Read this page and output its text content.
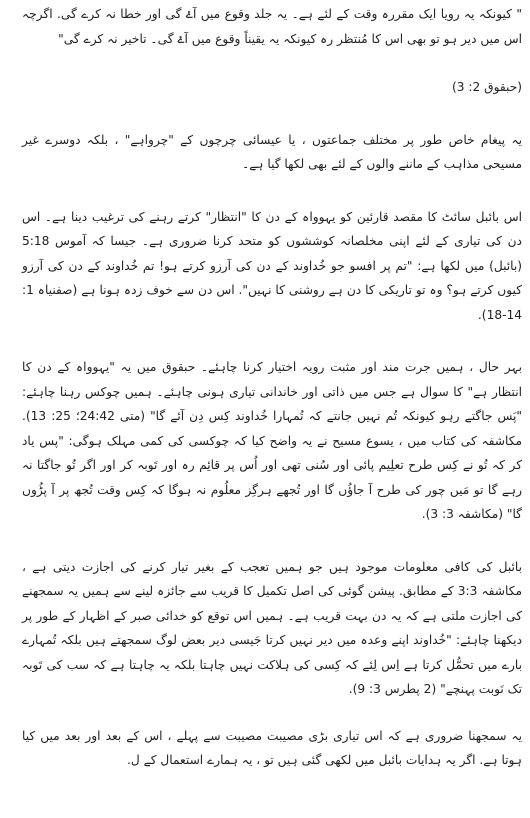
" کیونکہ یہ رویا ایک مقررہ وقت کے لئے ہے۔ یہ جلد وقوع میں آۓ گی اور خطا نہ کرے گی. اگرچہ اس میں دیر ہو تو بھی اس کا مُنتظر رہ کیونکہ یہ یقیناً وقوع میں آۓ گی۔ تاخیر نہ کرے گی"

(حبقوق 2: 3)

یہ پیغام خاص طور پر مختلف جماعتوں ، یا عیسائی چرچوں کے "چرواہے" ، بلکہ دوسرے غیر مسیحی مذاہب کے ماننے والوں کے لئے بھی لکھا گیا ہے۔

اس بائبل سائٹ کا مقصد قارئین کو یہوواہ کے دن کا "انتظار" کرتے رہنے کی ترغیب دینا ہے۔ اس دن کی تیاری کے لئے اپنی مخلصانہ کوششوں کو متحد کرنا ضروری ہے۔ جیسا کہ آموس 5:18 (بائبل) میں لکھا ہے: "تم پر افسو جو خُداوند کے دن کی آرزو کرتے ہو! تم خُداوند کے دن کی آرزو کیوں کرتے ہو؟ وہ تو تاریکی کا دن ہے روشنی کا نہیں". اس دن سے خوف زدہ ہونا ہے (صفنیاہ 1: 14-18).

بہر حال ، ہمیں جرت مند اور مثبت رویہ اختیار کرنا چاہئے۔ حبقوق میں یہ "یہوواہ کے دن کا انتظار ہے" کا سوال ہے جس میں ذاتی اور خاندانی تیاری ہونی چاہئے۔ ہمیں چوکس رہنا چاہئے: "پَس جاگتے رہو کیونکہ تُم نہیں جانتے کہ تُمہارا خُداوند کِس دِن آئے گا" (متی 24:42؛ 25: 13). مکاشفہ کی کتاب میں ، یسوع مسیح نے یہ واضح کیا کہ چوکسی کی کمی مہلک ہوگی: "پس یاد کر کہ تُو نے کِس طرح تعلِیم پائی اور سُنی تھی اور اُس پر قائِم رہ اور تَوبہ کر اور اگر تُو جاگتا نہ رہے گا تو مَیں چور کی طرح آ جاؤُں گا اور تُجھے ہرگِز معلُوم نہ ہوگا کہ کِس وقت تُجھ پر آ پڑُوں گا" (مکاشفہ 3: 3).

بائبل کی کافی معلومات موجود ہیں جو ہمیں تعجب کے بغیر تیار کرنے کی اجازت دیتی ہے ، مکاشفہ 3:3 کے مطابق. پیشن گوئی کی اصل تکمیل کا قریب سے جائزہ لینے سے ہمیں یہ سمجھنے کی اجازت ملتی ہے کہ یہ دن بہت قریب ہے۔ ہمیں اس توقع کو خدائی صبر کے اظہار کے طور پر دیکھنا چاہئے: "خُداوند اپنے وعدہ میں دیر نہیں کرتا جَیسی دیر بعض لوگ سمجھتے ہیں بلکہ تُمہارے بارے میں تحمُّل کرتا ہے اِس لِئے کہ کِسی کی ہلاکت نہیں چاہتا بلکہ یہ چاہتا ہے کہ سب کی تَوبہ تک نَوبت پہنچے" (2 پطرس 3: 9).

یہ سمجھنا ضروری ہے کہ اس تیاری بڑی مصیبت مصیبت سے پہلے ، اس کے بعد اور بعد میں کیا ہوتا ہے. اگر یہ ہدایات بائبل میں لکھی گئی ہیں تو ، یہ ہمارے استعمال کے ل.
